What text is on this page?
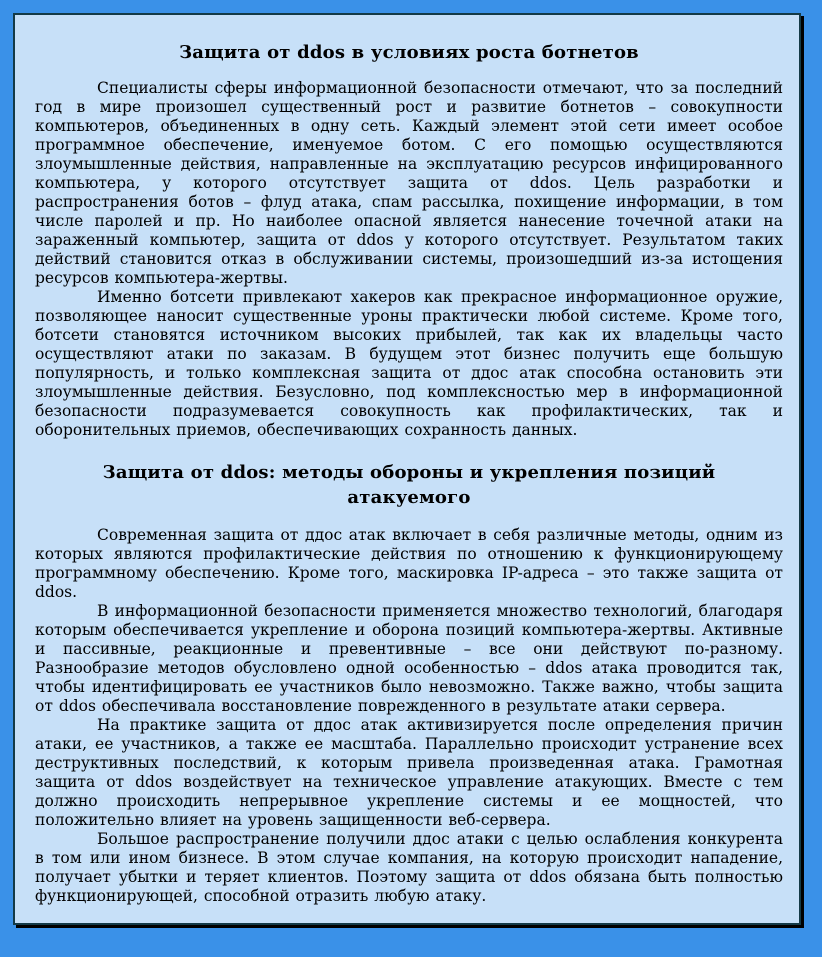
Защита от ddos в условиях роста ботнетов

Специалисты сферы информационной безопасности отмечают, что за последний год в мире произошел существенный рост и развитие ботнетов – совокупности компьютеров, объединенных в одну сеть. Каждый элемент этой сети имеет особое программное обеспечение, именуемое ботом. С его помощью осуществляются злоумышленные действия, направленные на эксплуатацию ресурсов инфицированного компьютера, у которого отсутствует защита от ddos. Цель разработки и распространения ботов – флуд атака, спам рассылка, похищение информации, в том числе паролей и пр. Но наиболее опасной является нанесение точечной атаки на зараженный компьютер, защита от ddos у которого отсутствует. Результатом таких действий становится отказ в обслуживании системы, произошедший из-за истощения ресурсов компьютера-жертвы.

Именно ботсети привлекают хакеров как прекрасное информационное оружие, позволяющее наносит существенные уроны практически любой системе. Кроме того, ботсети становятся источником высоких прибылей, так как их владельцы часто осуществляют атаки по заказам. В будущем этот бизнес получить еще большую популярность, и только комплексная защита от ддос атак способна остановить эти злоумышленные действия. Безусловно, под комплексностью мер в информационной безопасности подразумевается совокупность как профилактических, так и оборонительных приемов, обеспечивающих сохранность данных.

Защита от ddos: методы обороны и укрепления позиций атакуемого

Современная защита от ддос атак включает в себя различные методы, одним из которых являются профилактические действия по отношению к функционирующему программному обеспечению. Кроме того, маскировка IP-адреса – это также защита от ddos.

В информационной безопасности применяется множество технологий, благодаря которым обеспечивается укрепление и оборона позиций компьютера-жертвы. Активные и пассивные, реакционные и превентивные – все они действуют по-разному. Разнообразие методов обусловлено одной особенностью – ddos атака проводится так, чтобы идентифицировать ее участников было невозможно. Также важно, чтобы защита от ddos обеспечивала восстановление поврежденного в результате атаки сервера.

На практике защита от ддос атак активизируется после определения причин атаки, ее участников, а также ее масштаба. Параллельно происходит устранение всех деструктивных последствий, к которым привела произведенная атака. Грамотная защита от ddos воздействует на техническое управление атакующих. Вместе с тем должно происходить непрерывное укрепление системы и ее мощностей, что положительно влияет на уровень защищенности веб-сервера.

Большое распространение получили ддос атаки с целью ослабления конкурента в том или ином бизнесе. В этом случае компания, на которую происходит нападение, получает убытки и теряет клиентов. Поэтому защита от ddos обязана быть полностью функционирующей, способной отразить любую атаку.
